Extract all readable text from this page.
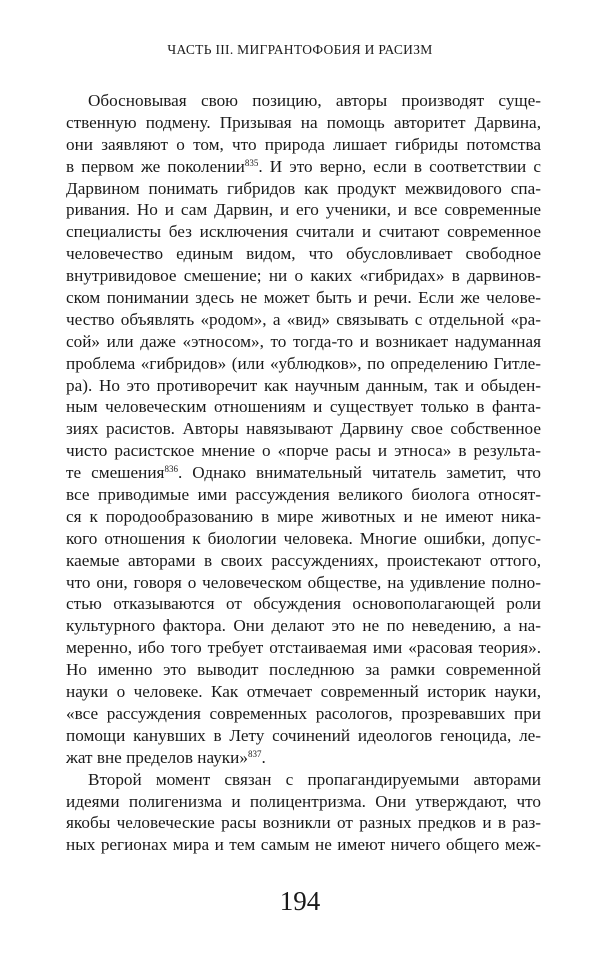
ЧАСТЬ III. МИГРАНТОФОБИЯ И РАСИЗМ
Обосновывая свою позицию, авторы производят суще-
ственную подмену. Призывая на помощь авторитет Дарвина,
они заявляют о том, что природа лишает гибриды потомства
в первом же поколении$^{835}$. И это верно, если в соответствии с
Дарвином понимать гибридов как продукт межвидового спа-
ривания. Но и сам Дарвин, и его ученики, и все современные
специалисты без исключения считали и считают современное
человечество единым видом, что обусловливает свободное
внутривидовое смешение; ни о каких «гибридах» в дарвинов-
ском понимании здесь не может быть и речи. Если же челове-
чество объявлять «родом», а «вид» связывать с отдельной «ра-
сой» или даже «этносом», то тогда-то и возникает надуманная
проблема «гибридов» (или «ублюдков», по определению Гитле-
ра). Но это противоречит как научным данным, так и обыден-
ным человеческим отношениям и существует только в фанта-
зиях расистов. Авторы навязывают Дарвину свое собственное
чисто расистское мнение о «порче расы и этноса» в результа-
те смешения$^{836}$. Однако внимательный читатель заметит, что
все приводимые ими рассуждения великого биолога относят-
ся к породообразованию в мире животных и не имеют ника-
кого отношения к биологии человека. Многие ошибки, допус-
каемые авторами в своих рассуждениях, проистекают оттого,
что они, говоря о человеческом обществе, на удивление полно-
стью отказываются от обсуждения основополагающей роли
культурного фактора. Они делают это не по неведению, а на-
меренно, ибо того требует отстаиваемая ими «расовая теория».
Но именно это выводит последнюю за рамки современной
науки о человеке. Как отмечает современный историк науки,
«все рассуждения современных расологов, прозревавших при
помощи канувших в Лету сочинений идеологов геноцида, ле-
жат вне пределов науки»$^{837}$.
Второй момент связан с пропагандируемыми авторами
идеями полигенизма и полицентризма. Они утверждают, что
якобы человеческие расы возникли от разных предков и в раз-
ных регионах мира и тем самым не имеют ничего общего меж-
194
